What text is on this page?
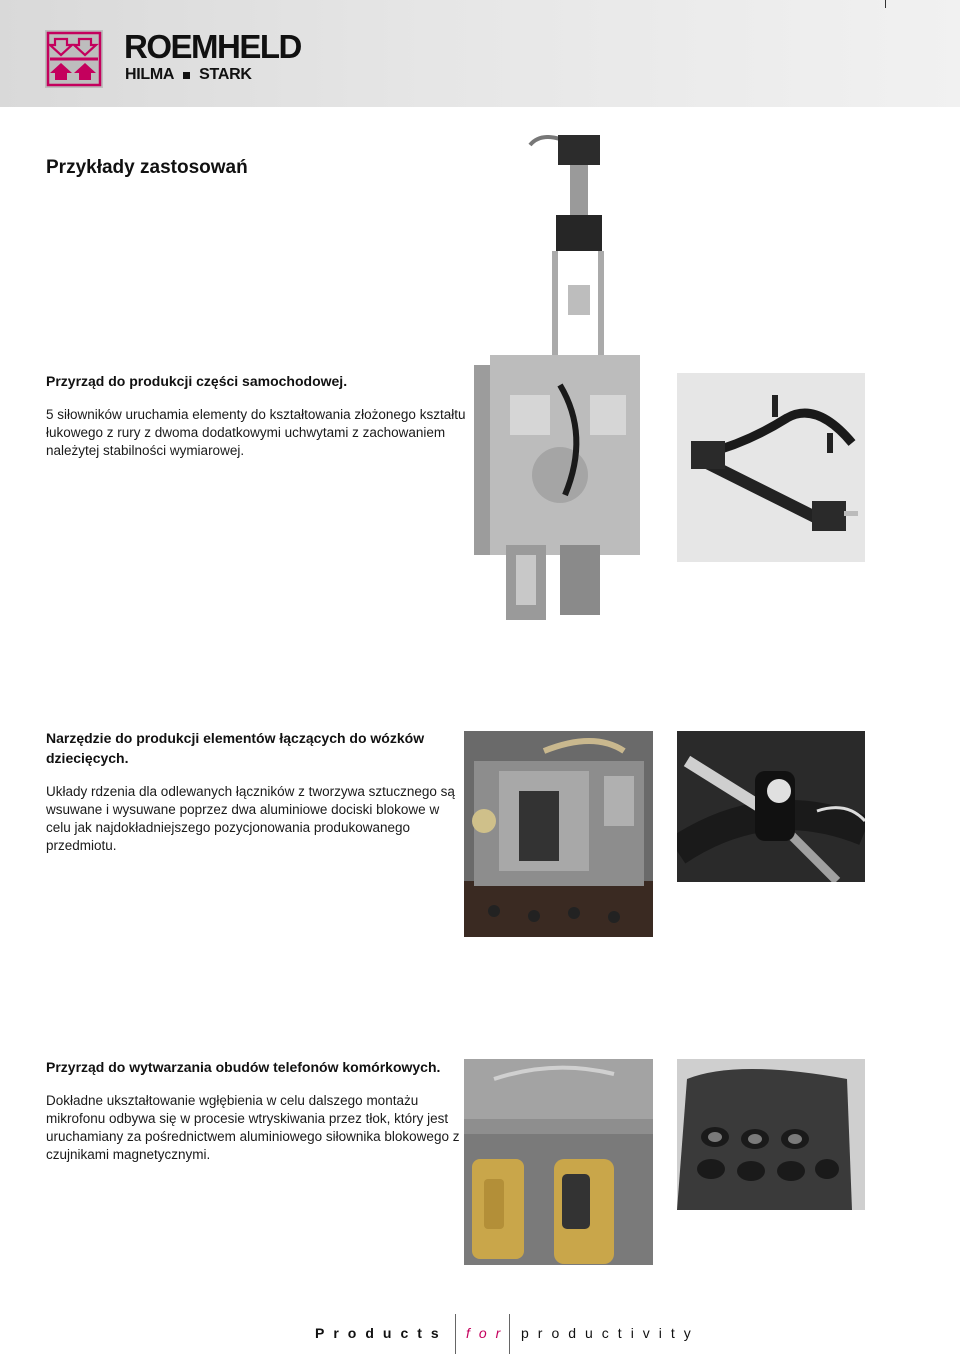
ROEMHELD
HILMA STARK
Przykłady zastosowań

Przyrząd do produkcji części samochodowej.

5 siłowników uruchamia elementy do kształtowania złożonego kształtu łukowego z rury z dwoma dodatkowymi uchwytami z zachowaniem należytej stabilności wymiarowej.

Narzędzie do produkcji elementów łączących do wózków dziecięcych.

Układy rdzenia dla odlewanych łączników z tworzywa sztucznego są wsuwane i wysuwane poprzez dwa aluminiowe dociski blokowe w celu jak najdokładniejszego pozycjonowania produkowanego przedmiotu.

Przyrząd do wytwarzania obudów telefonów komórkowych.

Dokładne ukształtowanie wgłębienia w celu dalszego montażu mikrofonu odbywa się w procesie wtryskiwania przez tłok, który jest uruchamiany za pośrednictwem aluminiowego siłownika blokowego z czujnikami magnetycznymi.

Products for productivity
